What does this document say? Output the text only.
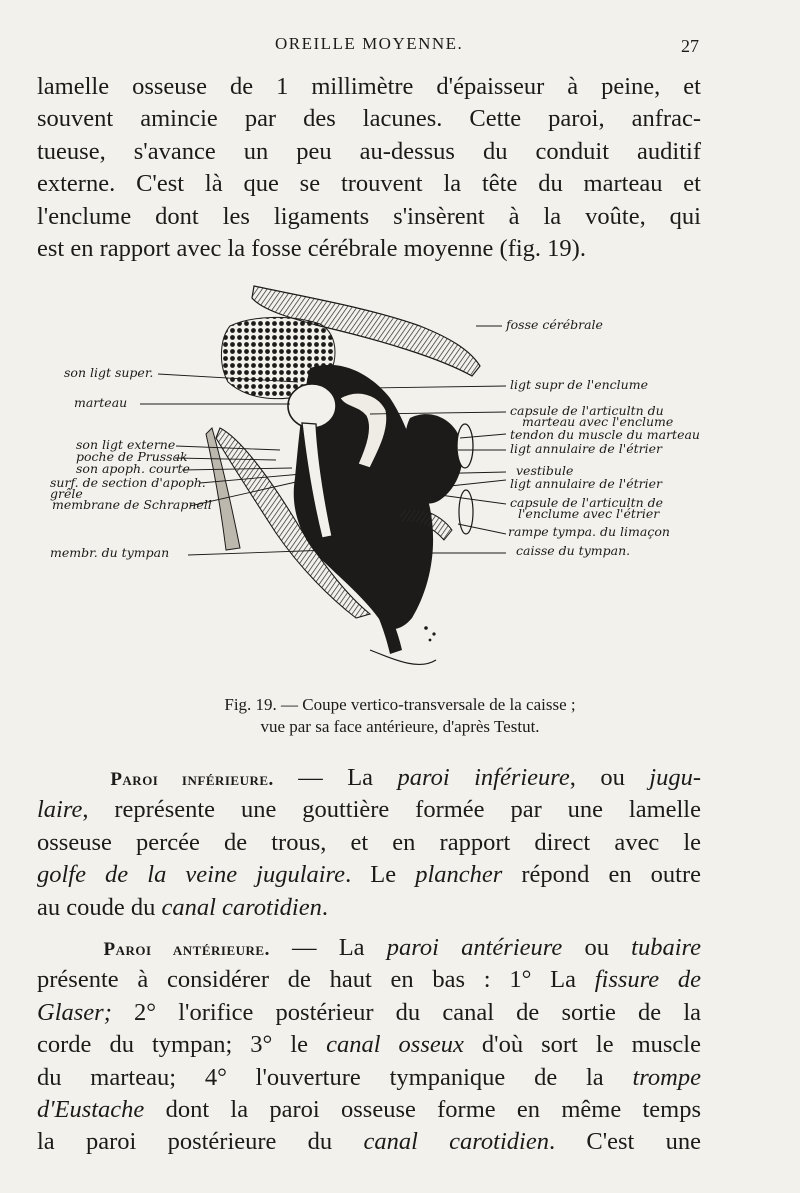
OREILLE MOYENNE.	27

lamelle osseuse de 1 millimètre d'épaisseur à peine, et
souvent amincie par des lacunes. Cette paroi, anfrac-
tueuse, s'avance un peu au-dessus du conduit auditif
externe. C'est là que se trouvent la tête du marteau et
l'enclume dont les ligaments s'insèrent à la voûte, qui
est en rapport avec la fosse cérébrale moyenne (fig. 19).

son ligt super.
marteau
son ligt externe
poche de Prussak
son apoph. courte
surf. de section d'apoph.
grêle
membrane de Schrapnell
membr. du tympan
fosse cérébrale
ligt supr de l'enclume
capsule de l'articultn du
marteau avec l'enclume
tendon du muscle du marteau
ligt annulaire de l'étrier
vestibule
ligt annulaire de l'étrier
capsule de l'articultn de
l'enclume avec l'étrier
rampe tympa. du limaçon
caisse du tympan.
Fig. 19. — Coupe vertico-transversale de la caisse ;
vue par sa face antérieure, d'après Testut.

Paroi inférieure. — La paroi inférieure, ou jugu-
laire, représente une gouttière formée par une lamelle
osseuse percée de trous, et en rapport direct avec le
golfe de la veine jugulaire. Le plancher répond en outre
au coude du canal carotidien.

Paroi antérieure. — La paroi antérieure ou tubaire
présente à considérer de haut en bas : 1° La fissure de
Glaser; 2° l'orifice postérieur du canal de sortie de la
corde du tympan; 3° le canal osseux d'où sort le muscle
du marteau; 4° l'ouverture tympanique de la trompe
d'Eustache dont la paroi osseuse forme en même temps
la paroi postérieure du canal carotidien. C'est une
